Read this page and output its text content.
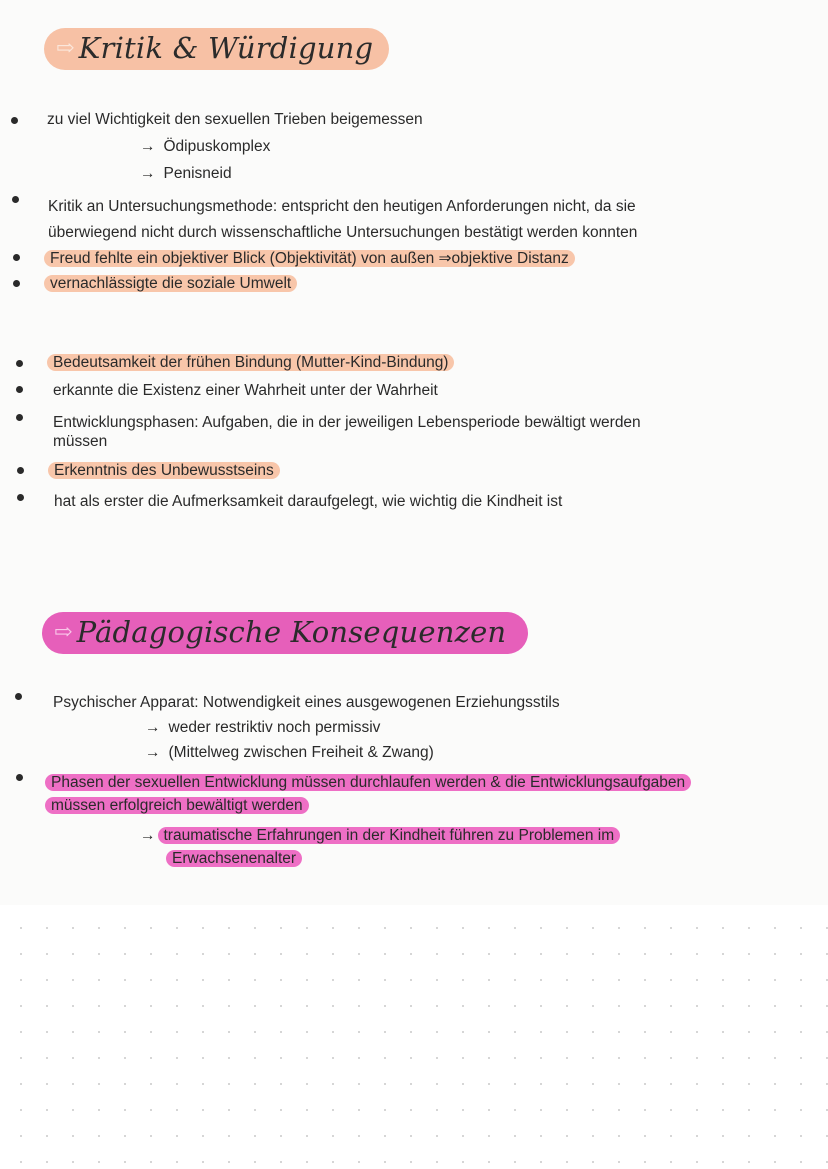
⇨ Kritik & Würdigung
zu viel Wichtigkeit den sexuellen Trieben beigemessen
→ Ödipuskomplex
→ Penisneid
Kritik an Untersuchungsmethode: entspricht den heutigen Anforderungen nicht, da sie
überwiegend nicht durch wissenschaftliche Untersuchungen bestätigt werden konnten
Freud fehlte ein objektiver Blick (Objektivität) von außen ⇒objektive Distanz
vernachlässigte die soziale Umwelt
Bedeutsamkeit der frühen Bindung (Mutter-Kind-Bindung)
erkannte die Existenz einer Wahrheit unter der Wahrheit
Entwicklungsphasen: Aufgaben, die in der jeweiligen Lebensperiode bewältigt werden
müssen
Erkenntnis des Unbewusstseins
hat als erster die Aufmerksamkeit daraufgelegt, wie wichtig die Kindheit ist
⇨ Pädagogische Konsequenzen
Psychischer Apparat: Notwendigkeit eines ausgewogenen Erziehungsstils
→ weder restriktiv noch permissiv
→ (Mittelweg zwischen Freiheit & Zwang)
Phasen der sexuellen Entwicklung müssen durchlaufen werden & die Entwicklungsaufgaben
müssen erfolgreich bewältigt werden
→ traumatische Erfahrungen in der Kindheit führen zu Problemen im
Erwachsenenalter
